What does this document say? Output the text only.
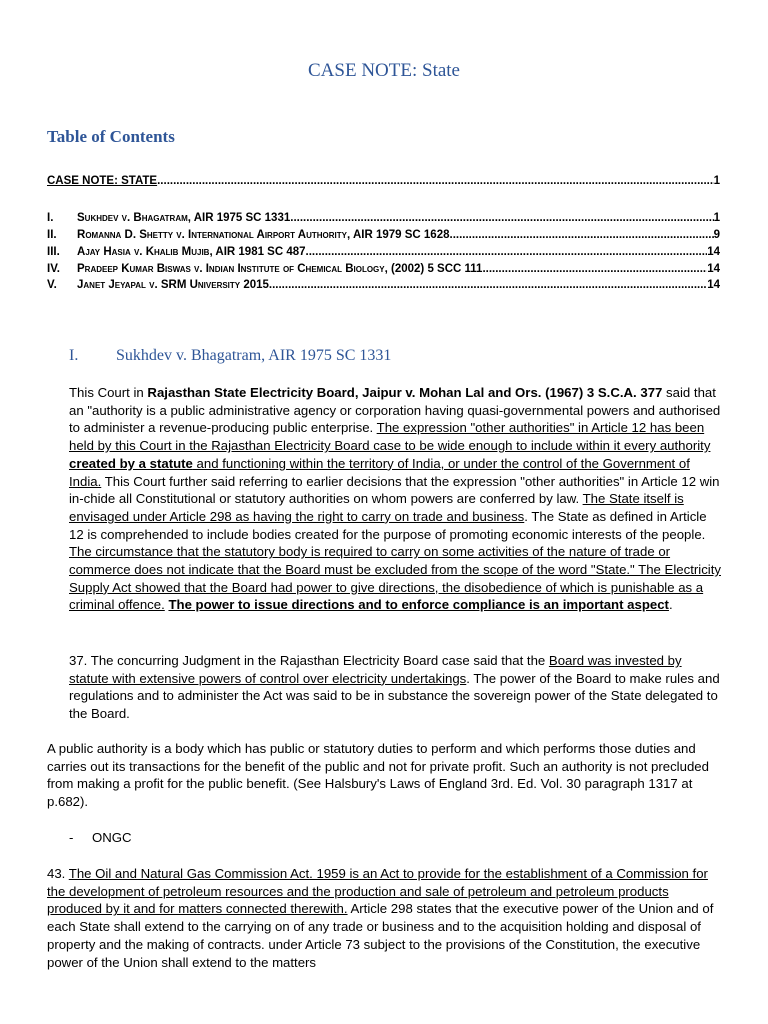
CASE NOTE: State
Table of Contents
CASE NOTE: STATE .....	1
I.	Sukhdev v. Bhagatram, AIR 1975 SC 1331 .....	1
II.	Romanna D. Shetty v. International Airport Authority, AIR 1979 SC 1628 .....	9
III.	Ajay Hasia v. Khalib Mujib, AIR 1981 SC 487 .....	14
IV.	Pradeep Kumar Biswas v. Indian Institute of Chemical Biology, (2002) 5 SCC 111 .....	14
V.	Janet Jeyapal v. SRM University 2015 .....	14
I. Sukhdev v. Bhagatram, AIR 1975 SC 1331
This Court in Rajasthan State Electricity Board, Jaipur v. Mohan Lal and Ors. (1967) 3 S.C.A. 377 said that an "authority is a public administrative agency or corporation having quasi-governmental powers and authorised to administer a revenue-producing public enterprise. The expression "other authorities" in Article 12 has been held by this Court in the Rajasthan Electricity Board case to be wide enough to include within it every authority created by a statute and functioning within the territory of India, or under the control of the Government of India. This Court further said referring to earlier decisions that the expression "other authorities" in Article 12 win in-chide all Constitutional or statutory authorities on whom powers are conferred by law. The State itself is envisaged under Article 298 as having the right to carry on trade and business. The State as defined in Article 12 is comprehended to include bodies created for the purpose of promoting economic interests of the people. The circumstance that the statutory body is required to carry on some activities of the nature of trade or commerce does not indicate that the Board must be excluded from the scope of the word "State." The Electricity Supply Act showed that the Board had power to give directions, the disobedience of which is punishable as a criminal offence. The power to issue directions and to enforce compliance is an important aspect.
37. The concurring Judgment in the Rajasthan Electricity Board case said that the Board was invested by statute with extensive powers of control over electricity undertakings. The power of the Board to make rules and regulations and to administer the Act was said to be in substance the sovereign power of the State delegated to the Board.
A public authority is a body which has public or statutory duties to perform and which performs those duties and carries out its transactions for the benefit of the public and not for private profit. Such an authority is not precluded from making a profit for the public benefit. (See Halsbury's Laws of England 3rd. Ed. Vol. 30 paragraph 1317 at p.682).
- ONGC
43. The Oil and Natural Gas Commission Act. 1959 is an Act to provide for the establishment of a Commission for the development of petroleum resources and the production and sale of petroleum and petroleum products produced by it and for matters connected therewith. Article 298 states that the executive power of the Union and of each State shall extend to the carrying on of any trade or business and to the acquisition holding and disposal of property and the making of contracts. under Article 73 subject to the provisions of the Constitution, the executive power of the Union shall extend to the matters
